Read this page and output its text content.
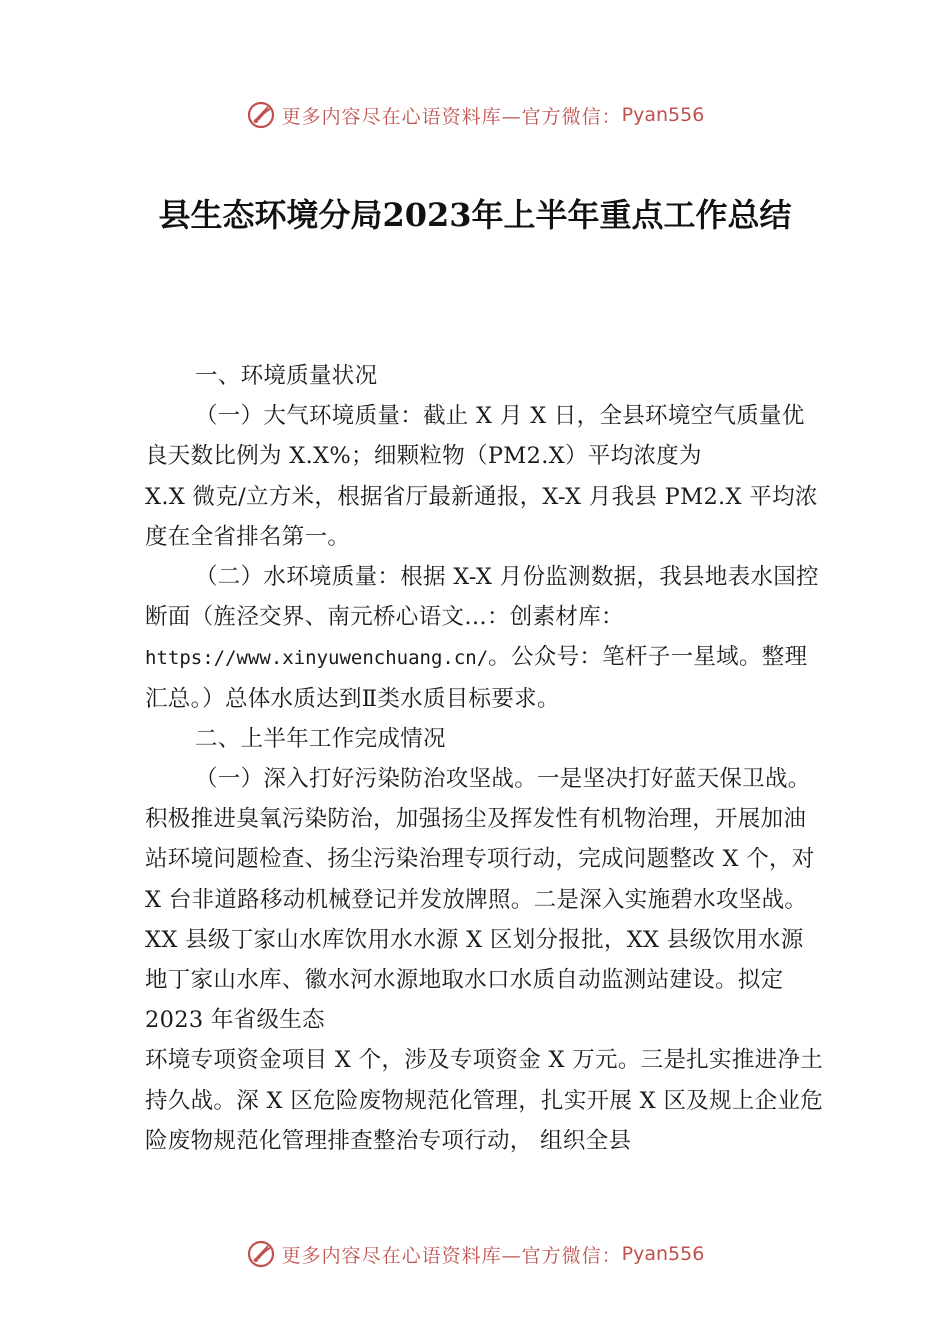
更多内容尽在心语资料库—官方微信： Pyan556
县生态环境分局2023年上半年重点工作总结

一、环境质量状况

（一）大气环境质量：截止 X 月 X 日，全县环境空气质量优良天数比例为 X.X%；细颗粒物（PM2.X）平均浓度为

X.X 微克/立方米，根据省厅最新通报，X-X 月我县 PM2.X 平均浓度在全省排名第一。

（二）水环境质量：根据 X-X 月份监测数据，我县地表水国控断面（旌泾交界、南元桥心语文…：创素材库：
https://www.xinyuwenchuang.cn/。公众号：笔杆子一星域。整理汇总。）总体水质达到Ⅱ类水质目标要求。

二、上半年工作完成情况

（一）深入打好污染防治攻坚战。一是坚决打好蓝天保卫战。积极推进臭氧污染防治，加强扬尘及挥发性有机物治理，开展加油站环境问题检查、扬尘污染治理专项行动，完成问题整改 X 个，对 X 台非道路移动机械登记并发放牌照。二是深入实施碧水攻坚战。XX 县级丁家山水库饮用水水源 X 区划分报批，XX 县级饮用水源地丁家山水库、徽水河水源地取水口水质自动监测站建设。拟定 2023 年省级生态

环境专项资金项目 X 个，涉及专项资金 X 万元。三是扎实推进净土持久战。深 X 区危险废物规范化管理，扎实开展 X 区及规上企业危险废物规范化管理排查整治专项行动， 组织全县

更多内容尽在心语资料库—官方微信： Pyan556
